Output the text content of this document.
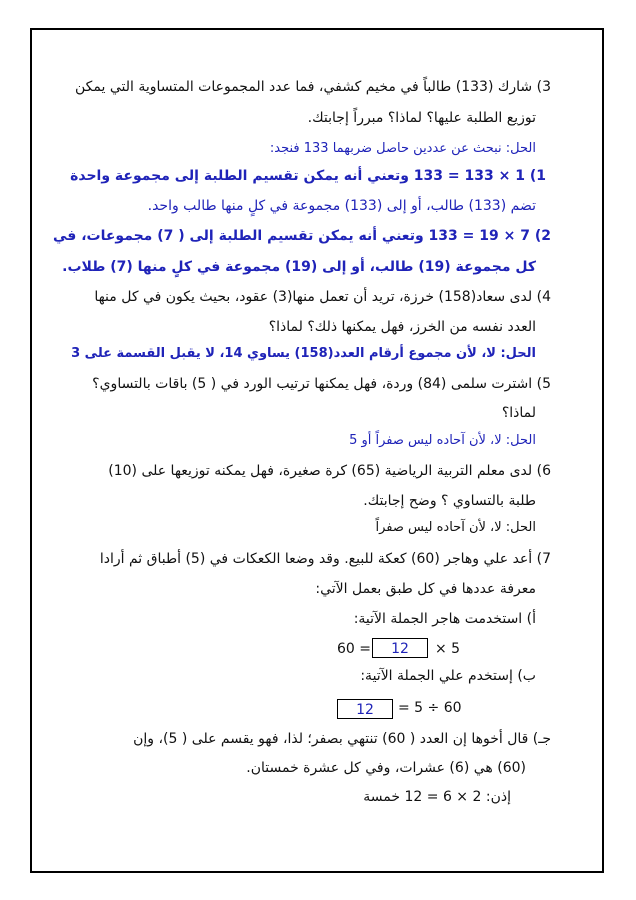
3) شارك (133) طالباً في مخيم كشفي، فما عدد المجموعات المتساوية التي يمكن
توزيع الطلبة عليها؟ لماذا؟ مبرراً إجابتك.
الحل: نبحث عن عددين حاصل ضربهما 133 فنجد:
1) 1 × 133 = 133 وتعني أنه يمكن تقسيم الطلبة إلى مجموعة واحدة
تضم (133) طالب، أو إلى (133) مجموعة في كلٍ منها طالب واحد.
2) 7 × 19 = 133 وتعني أنه يمكن تقسيم الطلبة إلى ( 7) مجموعات، في
كل مجموعة (19) طالب، أو إلى (19) مجموعة في كلٍ منها (7) طلاب.
4) لدى سعاد(158) خرزة، تريد أن تعمل منها(3) عقود، بحيث يكون في كل منها
العدد نفسه من الخرز، فهل يمكنها ذلك؟ لماذا؟
الحل: لا، لأن مجموع أرقام العدد(158) يساوي 14، لا يقبل القسمة على 3
5) اشترت سلمى (84) وردة، فهل يمكنها ترتيب الورد في ( 5) باقات بالتساوي؟
لماذا؟
الحل: لا، لأن آحاده ليس صفراً أو 5
6) لدى معلم التربية الرياضية (65) كرة صغيرة، فهل يمكنه توزيعها على (10)
طلبة بالتساوي ؟ وضح إجابتك.
الحل: لا، لأن آحاده ليس صفراً
7) أعد علي وهاجر (60) كعكة للبيع. وقد وضعا الكعكات في (5) أطباق ثم أرادا
معرفة عددها في كل طبق بعمل الآتي:
أ) استخدمت هاجر الجملة الآتية:
60 =	12	× 5
ب) إستخدم علي الجملة الآتية:
12	= 5 ÷ 60
جـ) قال أخوها إن العدد ( 60) تنتهي بصفر؛ لذا، فهو يقسم على ( 5)، وإن
(60) هي (6) عشرات، وفي كل عشرة خمستان.
إذن: 2 × 6 = 12 خمسة
